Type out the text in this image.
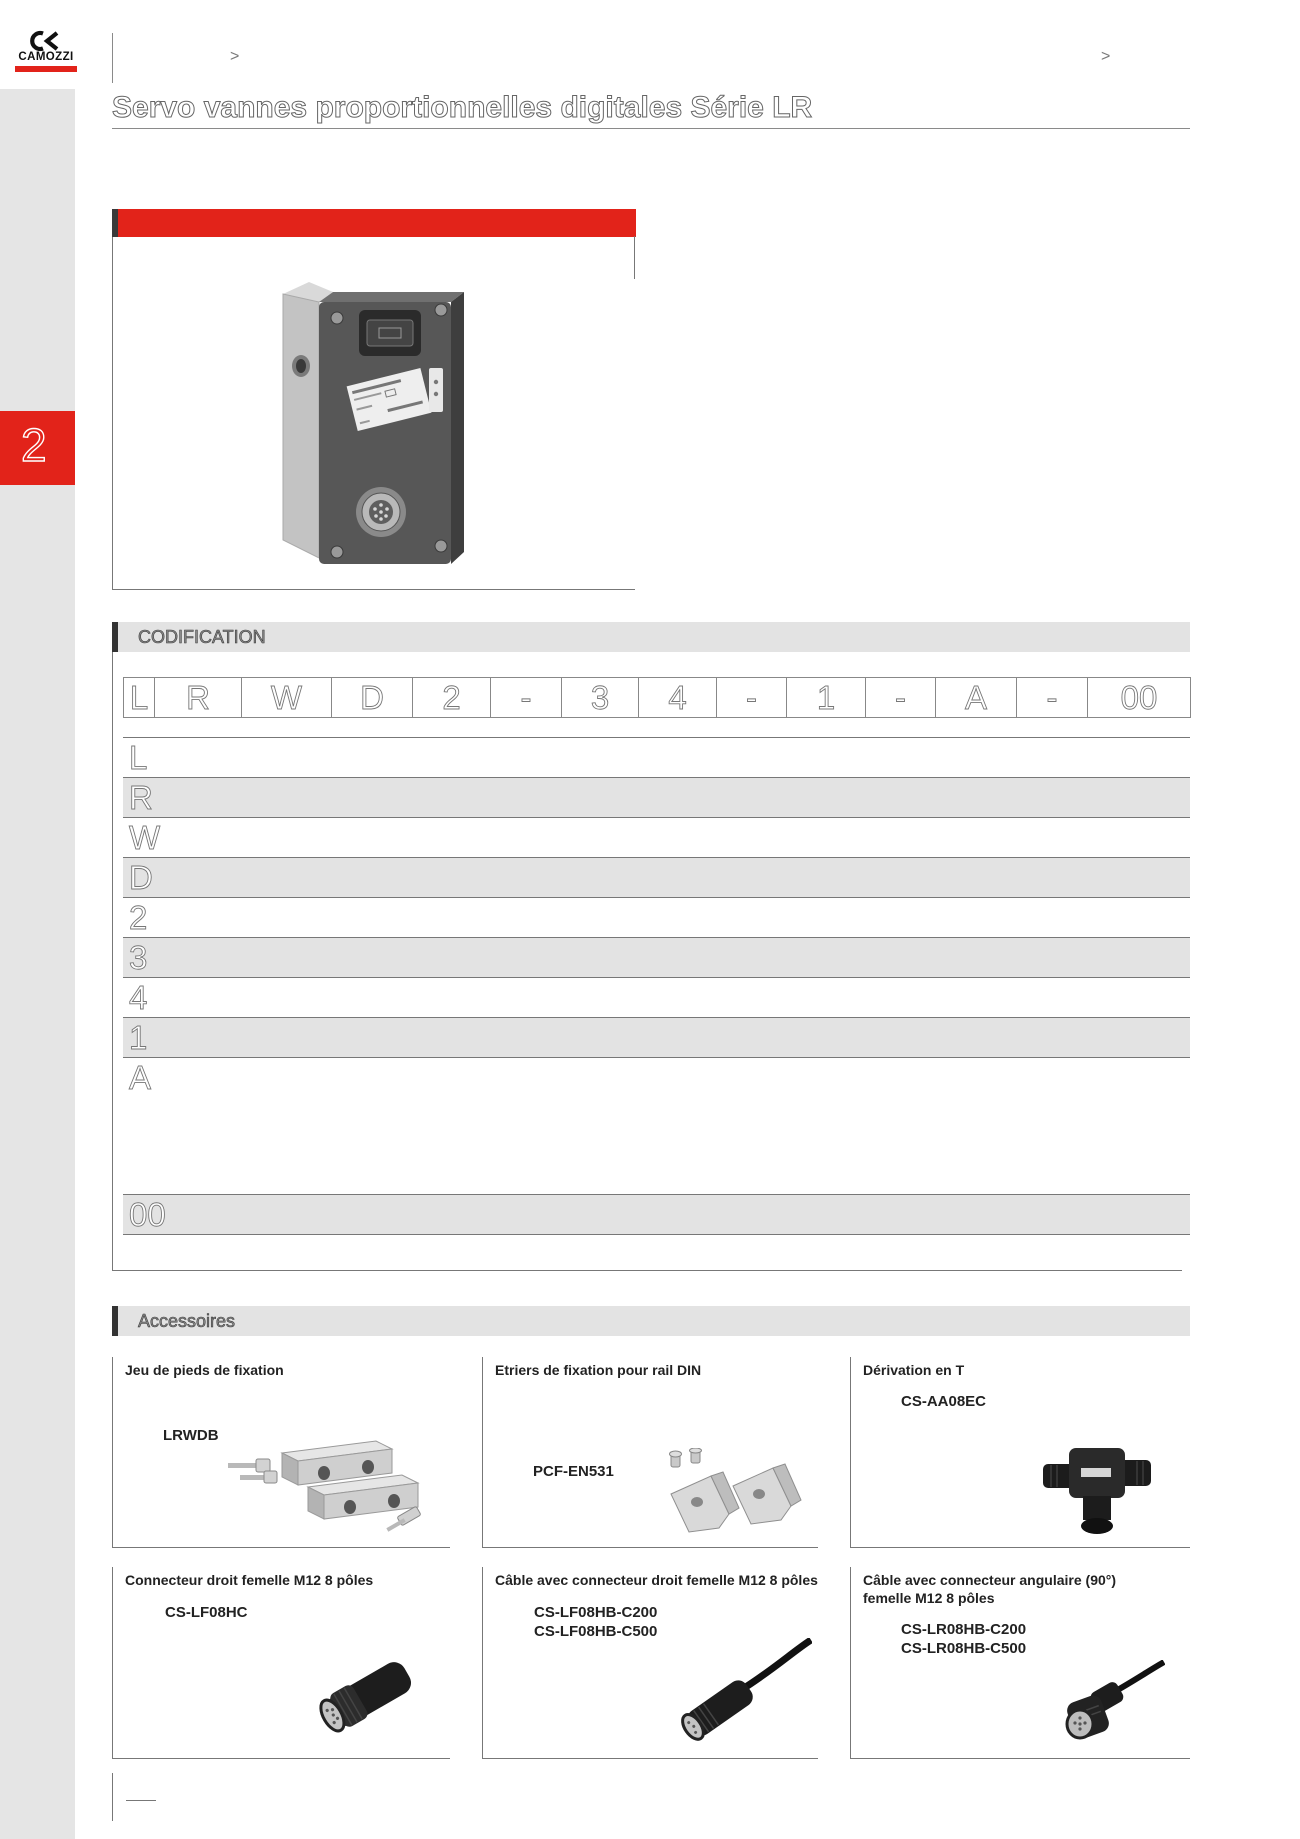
CAMOZZI
2
>	>
Servo vannes proportionnelles digitales Série LR
CODIFICATION
L	R	W	D	2	-	3	4	-	1	-	A	-	00
L
R
W
D
2
3
4
1
A
00
Accessoires
Jeu de pieds de fixation
LRWDB
Etriers de fixation pour rail DIN
PCF-EN531
Dérivation en T
CS-AA08EC
Connecteur droit femelle M12 8 pôles
CS-LF08HC
Câble avec connecteur droit femelle M12 8 pôles
CS-LF08HB-C200
CS-LF08HB-C500
Câble avec connecteur angulaire (90°) femelle M12 8 pôles
CS-LR08HB-C200
CS-LR08HB-C500
